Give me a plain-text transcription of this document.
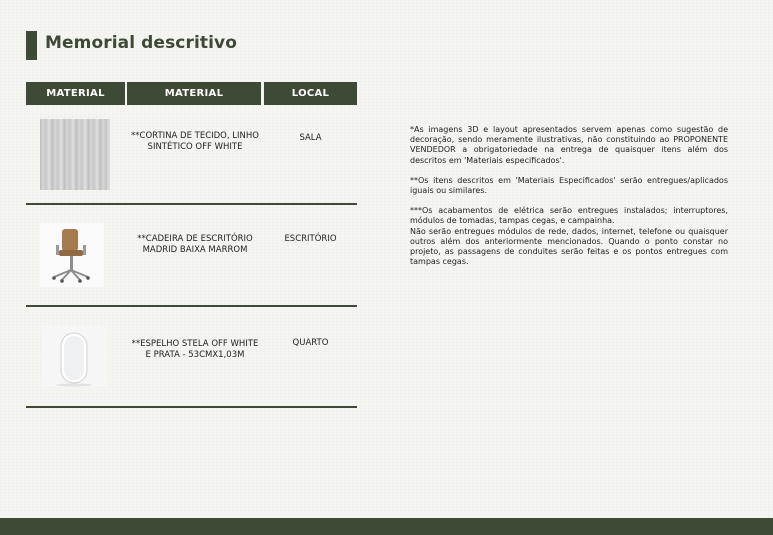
Memorial descritivo
MATERIAL	MATERIAL	LOCAL
**CORTINA DE TECIDO, LINHO SINTÉTICO OFF WHITE
SALA
**CADEIRA DE ESCRITÓRIO MADRID BAIXA MARROM
ESCRITÓRIO
**ESPELHO STELA OFF WHITE E PRATA - 53CMX1,03M
QUARTO

*As imagens 3D e layout apresentados servem apenas como sugestão de decoração, sendo meramente ilustrativas, não constituindo ao PROPONENTE VENDEDOR a obrigatoriedade na entrega de quaisquer itens além dos descritos em 'Materiais especificados'.

**Os itens descritos em 'Materiais Especificados' serão entregues/aplicados iguais ou similares.

***Os acabamentos de elétrica serão entregues instalados; interruptores, módulos de tomadas, tampas cegas, e campainha.
Não serão entregues módulos de rede, dados, internet, telefone ou quaisquer outros além dos anteriormente mencionados. Quando o ponto constar no projeto, as passagens de conduites serão feitas e os pontos entregues com tampas cegas.
